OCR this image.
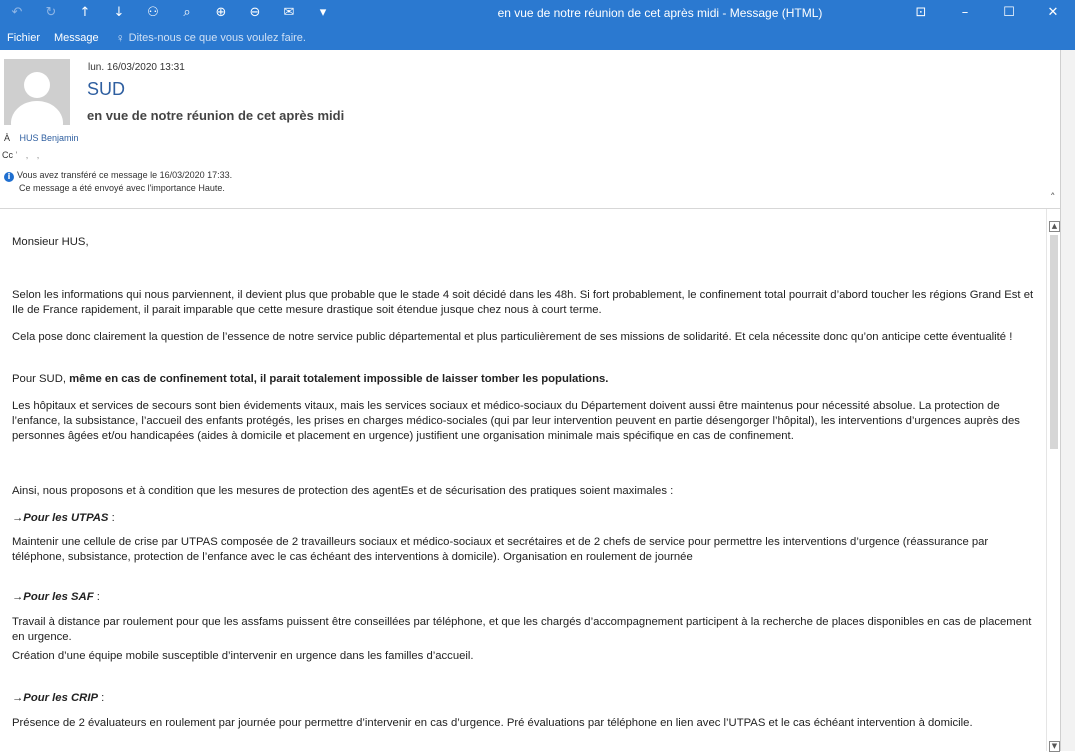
↶	↻	↑	↓	⚇	⌕	⊕	⊖	✉	▾	en vue de notre réunion de cet après midi - Message (HTML)	⊡	–	☐	✕
Fichier	Message	♀ Dites-nous ce que vous voulez faire.
lun. 16/03/2020 13:31
SUD
en vue de notre réunion de cet après midi
À HUS Benjamin
Cc ' , ,
i Vous avez transféré ce message le 16/03/2020 17:33.
Ce message a été envoyé avec l'importance Haute.
˄

Monsieur HUS,

Selon les informations qui nous parviennent, il devient plus que probable que le stade 4 soit décidé dans les 48h. Si fort probablement, le confinement total pourrait d’abord toucher les régions Grand Est et Ile de France rapidement, il parait imparable que cette mesure drastique soit étendue jusque chez nous à court terme.

Cela pose donc clairement la question de l’essence de notre service public départemental et plus particulièrement de ses missions de solidarité. Et cela nécessite donc qu’on anticipe cette éventualité !

Pour SUD, même en cas de confinement total, il parait totalement impossible de laisser tomber les populations.

Les hôpitaux et services de secours sont bien évidements vitaux, mais les services sociaux et médico-sociaux du Département doivent aussi être maintenus pour nécessité absolue. La protection de l’enfance, la subsistance, l’accueil des enfants protégés, les prises en charges médico-sociales (qui par leur intervention peuvent en partie désengorger l’hôpital), les interventions d’urgences auprès des personnes âgées et/ou handicapées (aides à domicile et placement en urgence) justifient une organisation minimale mais spécifique en cas de confinement.

Ainsi, nous proposons et à condition que les mesures de protection des agentEs et de sécurisation des pratiques soient maximales :

→Pour les UTPAS :

Maintenir une cellule de crise par UTPAS composée de 2 travailleurs sociaux et médico-sociaux et secrétaires et de 2 chefs de service pour permettre les interventions d’urgence (réassurance par téléphone, subsistance, protection de l’enfance avec le cas échéant des interventions à domicile). Organisation en roulement de journée

→Pour les SAF :

Travail à distance par roulement pour que les assfams puissent être conseillées par téléphone, et que les chargés d’accompagnement participent à la recherche de places disponibles en cas de placement en urgence.

Création d’une équipe mobile susceptible d’intervenir en urgence dans les familles d’accueil.

→Pour les CRIP :

Présence de 2 évaluateurs en roulement par journée pour permettre d’intervenir en cas d’urgence. Pré évaluations par téléphone en lien avec l’UTPAS et le cas échéant intervention à domicile.

▲
▼
